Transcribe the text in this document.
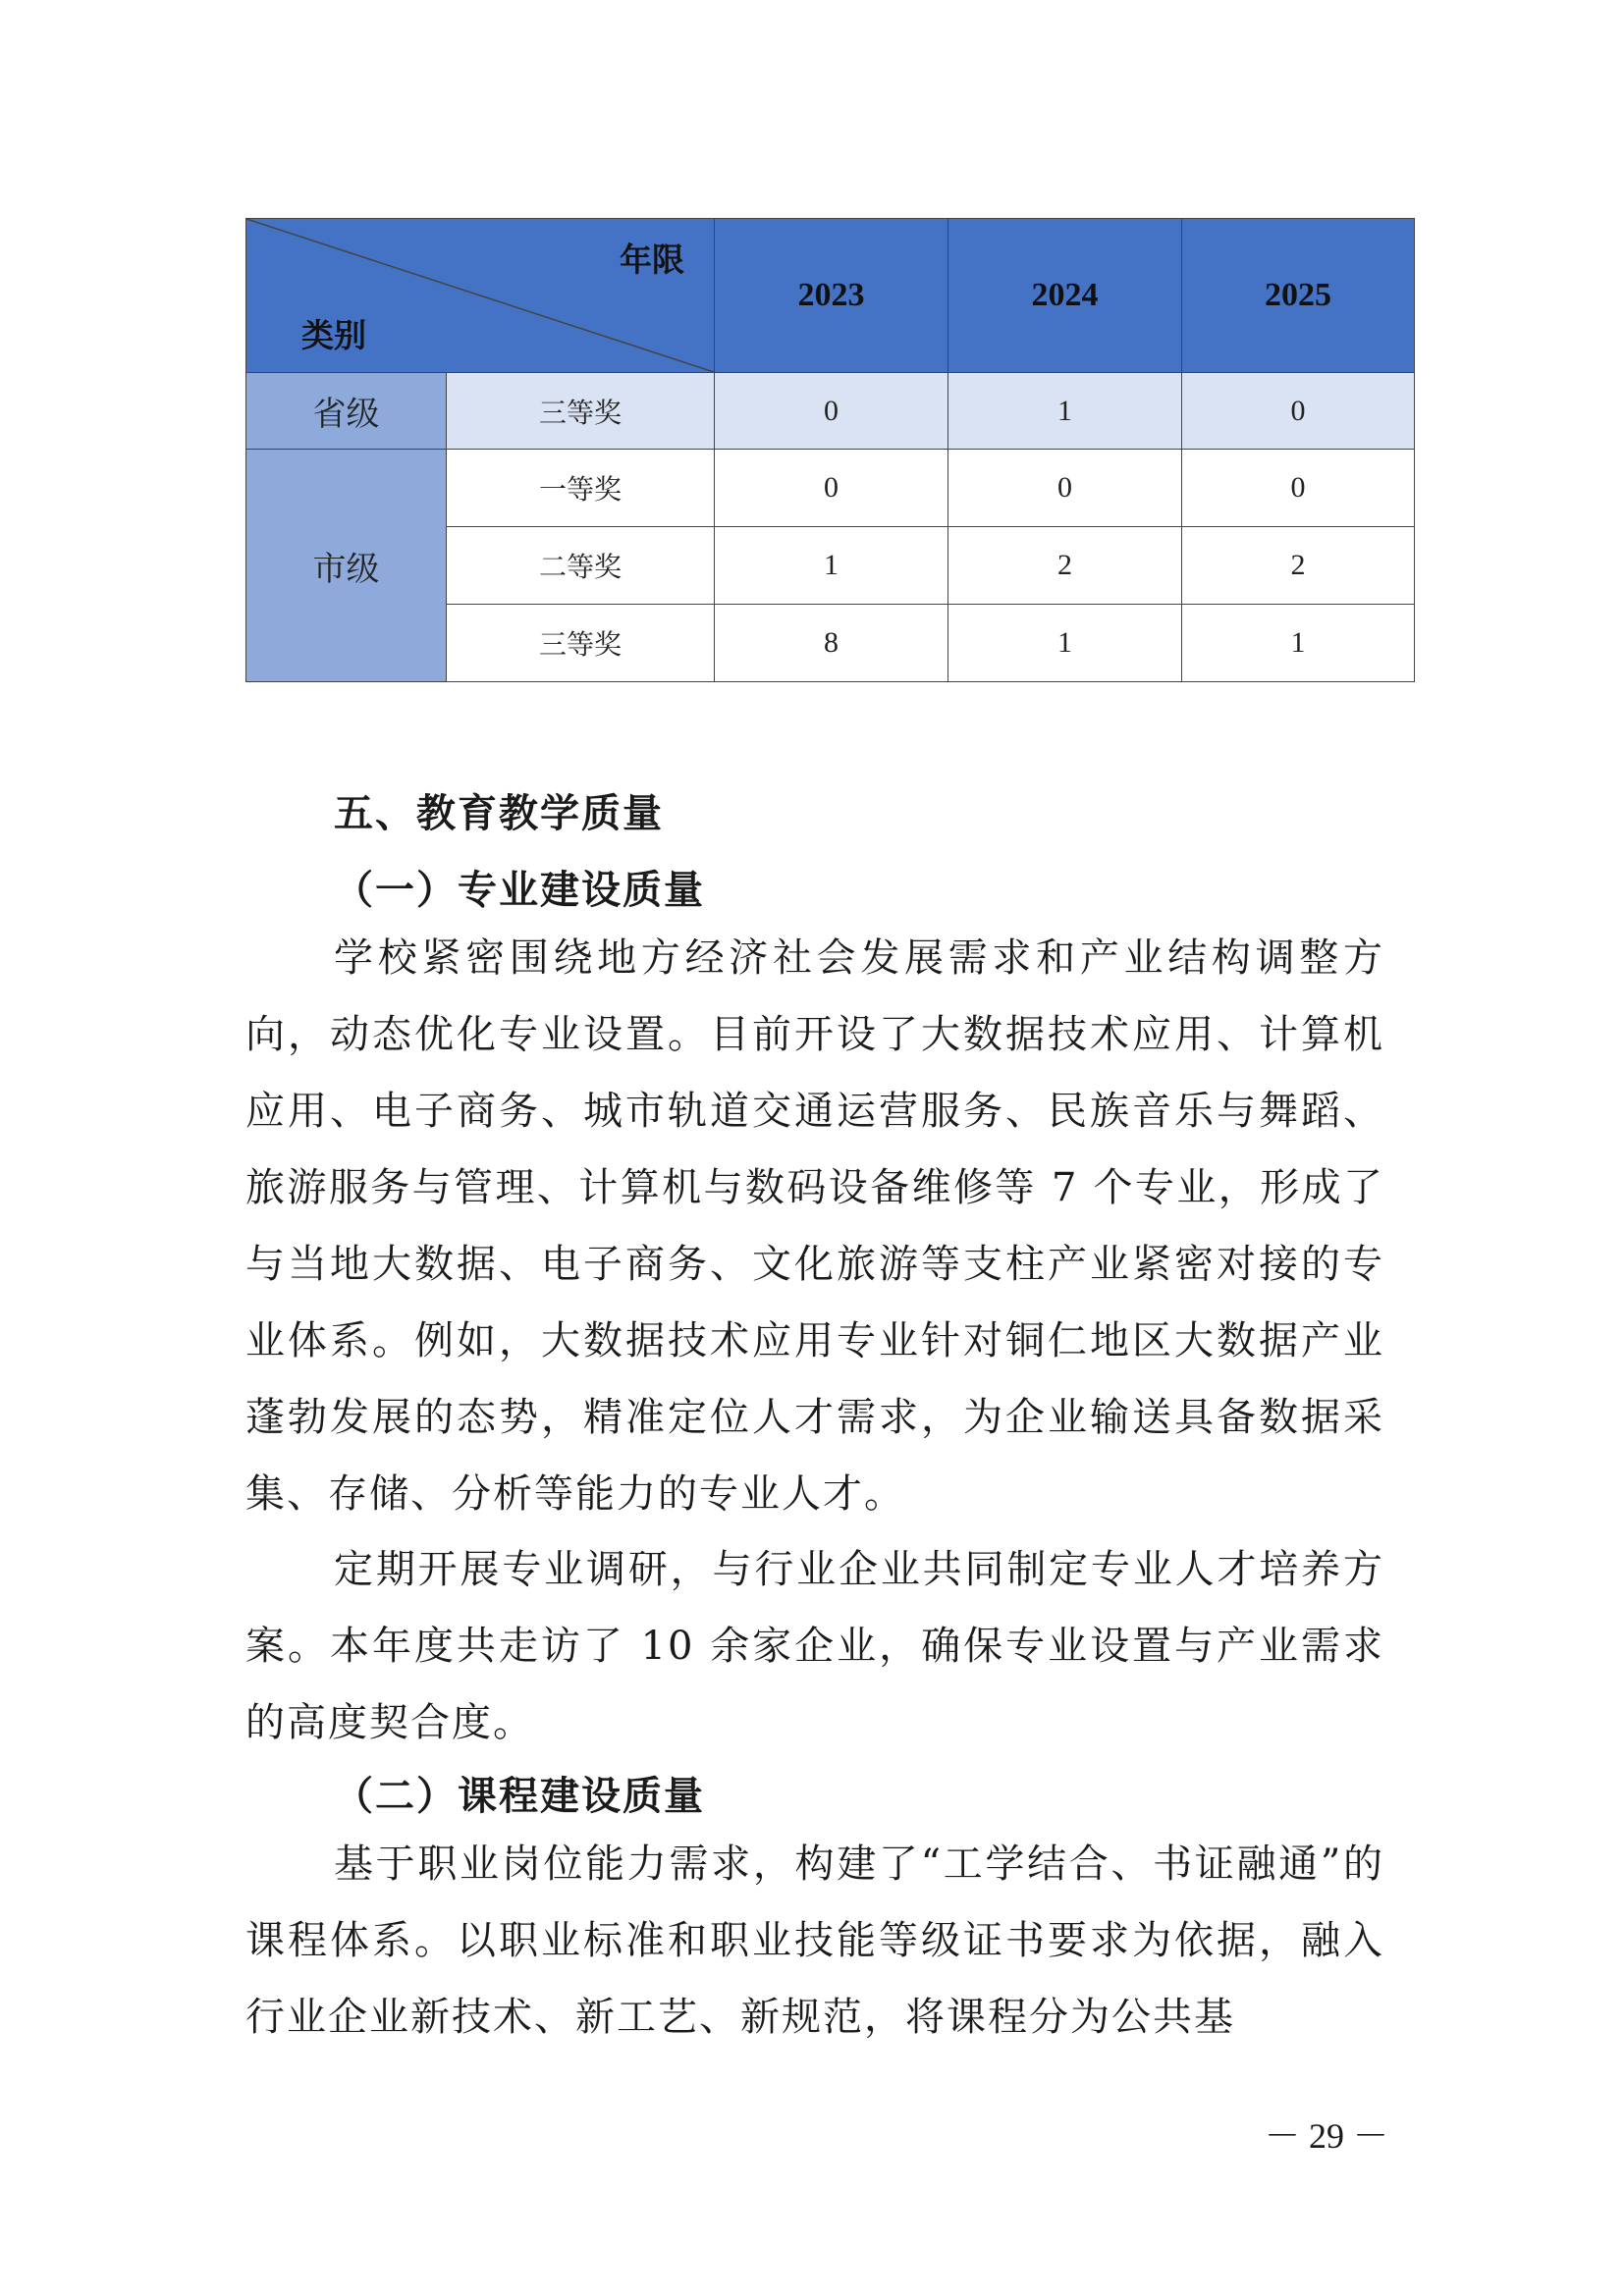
年限
类别		2023	2024	2025
省级	三等奖	0	1	0
市级	一等奖	0	0	0
	二等奖	1	2	2
	三等奖	8	1	1
五、教育教学质量
（一）专业建设质量

学校紧密围绕地方经济社会发展需求和产业结构调整方向，动态优化专业设置。目前开设了大数据技术应用、计算机应用、电子商务、城市轨道交通运营服务、民族音乐与舞蹈、旅游服务与管理、计算机与数码设备维修等 7 个专业，形成了与当地大数据、电子商务、文化旅游等支柱产业紧密对接的专业体系。例如，大数据技术应用专业针对铜仁地区大数据产业蓬勃发展的态势，精准定位人才需求，为企业输送具备数据采集、存储、分析等能力的专业人才。

定期开展专业调研，与行业企业共同制定专业人才培养方案。本年度共走访了 10 余家企业，确保专业设置与产业需求的高度契合度。

（二）课程建设质量

基于职业岗位能力需求，构建了“工学结合、书证融通”的课程体系。以职业标准和职业技能等级证书要求为依据，融入行业企业新技术、新工艺、新规范，将课程分为公共基

－ 29 －
